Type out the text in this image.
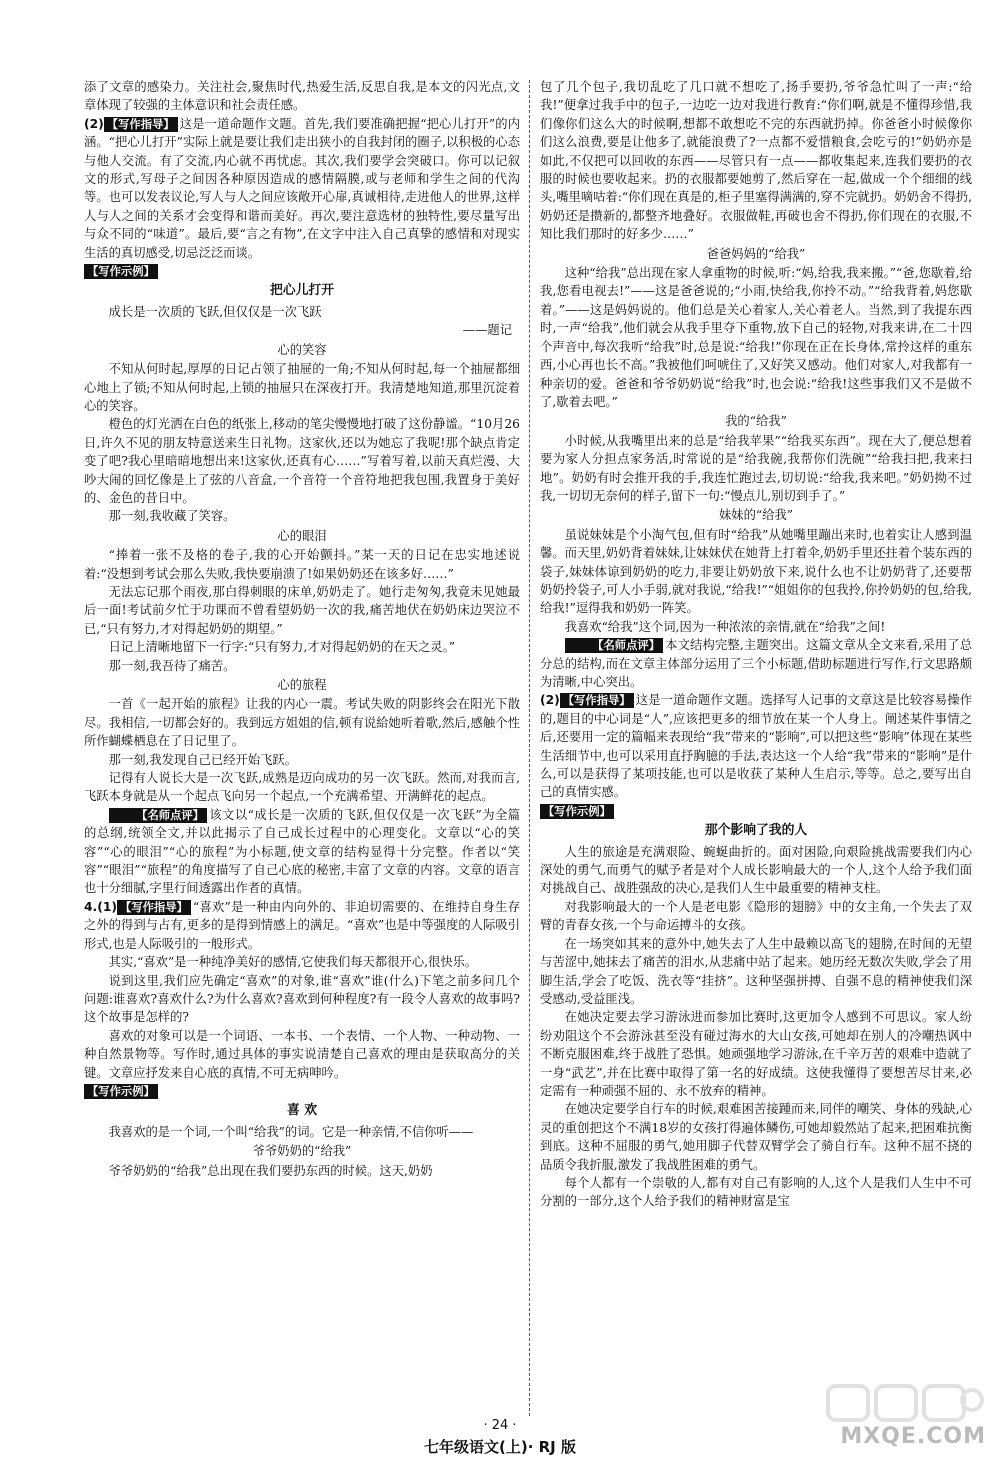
添了文章的感染力。关注社会,聚焦时代,热爱生活,反思自我,是本文的闪光点,文章体现了较强的主体意识和社会责任感。

(2) 【写作指导】 这是一道命题作文题。首先,我们要准确把握“把心儿打开”的内涵。“把心儿打开”实际上就是要让我们走出狭小的自我封闭的圈子,以积极的心态与他人交流。有了交流,内心就不再忧虑。其次,我们要学会突破口。你可以记叙文的形式,写母子之间因各种原因造成的感情隔膜,或与老师和学生之间的代沟等。也可以发表议论,写人与人之间应该敞开心扉,真诚相待,走进他人的世界,这样人与人之间的关系才会变得和谐而美好。再次,要注意选材的独特性,要尽量写出与众不同的“味道”。最后,要“言之有物”,在文字中注入自己真挚的感情和对现实生活的真切感受,切忌泛泛而谈。

【写作示例】

把心儿打开

成长是一次质的飞跃,但仅仅是一次飞跃

——题记

心的笑容

不知从何时起,厚厚的日记占领了抽屉的一角;不知从何时起,每一个抽屉都细心地上了锁;不知从何时起,上锁的抽屉只在深夜打开。我清楚地知道,那里沉淀着心的笑容。

橙色的灯光洒在白色的纸张上,移动的笔尖慢慢地打破了这份静谧。“10月26日,许久不见的朋友特意送来生日礼物。这家伙,还以为她忘了我呢!那个缺点肯定变了吧?我心里暗暗地想出来!这家伙,还真有心……”写着写着,以前天真烂漫、大吵大闹的回忆像是上了弦的八音盒,一个音符一个音符地把我包围,我置身于美好的、金色的昔日中。

那一刻,我收藏了笑容。

心的眼泪

“捧着一张不及格的卷子,我的心开始颤抖。”某一天的日记在忠实地述说着:“没想到考试会那么失败,我快要崩溃了!如果奶奶还在该多好……”

无法忘记那个雨夜,那白得刺眼的床单,奶奶走了。她行走匆匆,我竟未见她最后一面!考试前夕忙于功课而不曾看望奶奶一次的我,痛苦地伏在奶奶床边哭泣不已,“只有努力,才对得起奶奶的期望。”

日记上清晰地留下一行字:“只有努力,才对得起奶奶的在天之灵。”

那一刻,我吾待了痛苦。

心的旅程

一首《一起开始的旅程》让我的内心一震。考试失败的阴影终会在阳光下散尽。我相信,一切都会好的。我到远方姐姐的信,顿有说給她听着歌,然后,感触个性所作蝴蝶栖息在了日记里了。

那一刻,我发现自己已经开始飞跃。

记得有人说长大是一次飞跃,成熟是迈向成功的另一次飞跃。然而,对我而言,飞跃本身就是从一个起点飞向另一个起点,一个充满希望、开满鲜花的起点。

【名师点评】 该文以“成长是一次质的飞跃,但仅仅是一次飞跃”为全篇的总纲,统领全文,并以此揭示了自己成长过程中的心理变化。文章以“心的笑容”“心的眼泪”“心的旅程”为小标题,使文章的结构显得十分完整。作者以“笑容”“眼泪”“旅程”的角度描写了自己心底的秘密,丰富了文章的内容。文章的语言也十分细腻,字里行间透露出作者的真情。

4.(1) 【写作指导】 “喜欢”是一种由内向外的、非迫切需要的、在维持自身生存之外的得到与占有,更多的是得到情感上的满足。“喜欢”也是中等强度的人际吸引形式,也是人际吸引的一般形式。

其实,“喜欢”是一种纯净美好的感情,它使我们每天都很开心,很快乐。

说到这里,我们应先确定“喜欢”的对象,谁“喜欢”谁(什么)下笔之前多问几个问题:谁喜欢?喜欢什么?为什么喜欢?喜欢到何种程度?有一段令人喜欢的故事吗?这个故事是怎样的?

喜欢的对象可以是一个词语、一本书、一个表情、一个人物、一种动物、一种自然景物等。写作时,通过具体的事实说清楚自己喜欢的理由是获取高分的关键。文章应抒发来自心底的真情,不可无病呻吟。

【写作示例】

喜 欢

我喜欢的是一个词,一个叫“给我”的词。它是一种亲情,不信你听——

爷爷奶奶的“给我”

爷爷奶奶的“给我”总出现在我们要扔东西的时候。这天,奶奶

包了几个包子,我切乱吃了几口就不想吃了,扬手要扔,爷爷急忙叫了一声:“给我!”便拿过我手中的包子,一边吃一边对我进行教育:“你们啊,就是不懂得珍惜,我们像你们这么大的时候啊,想都不敢想吃不完的东西就扔掉。你爸爸小时候像你们这么浪费,要是让他多了,就能浪费了?一点都不爱惜粮食,会吃亏的!”奶奶亦是如此,不仅把可以回收的东西——尽管只有一点——都收集起来,连我们要扔的衣服的时候也要收起来。扔的衣服都要她剪了,然后穿在一起,做成一个个细细的线头,嘴里嘀咕着:“你们现在真是的,柜子里塞得满满的,穿不完就扔。奶奶舍不得扔,奶奶还是攒新的,都整齐地叠好。衣服做鞋,再破也舍不得扔,你们现在的衣服,不知比我们那时的好多少……”

爸爸妈妈的“给我”

这种“给我”总出现在家人拿重物的时候,听:“妈,给我,我来搬。”“爸,您歇着,给我,您看电视去!”——这是爸爸说的;“小雨,快给我,你拎不动。”“给我背着,妈您歇着。”——这是妈妈说的。他们总是关心着家人,关心着老人。当然,到了我提东西时,一声“给我”,他们就会从我手里夺下重物,放下自己的轻物,对我来讲,在二十四个声音中,每次我听“给我”时,总是说:“给我!”你现在正在长身体,常拎这样的重东西,小心再也长不高。”我被他们呵唬住了,又好笑又感动。他们对家人,对我都有一种亲切的爱。爸爸和爷爷奶奶说“给我”时,也会说:“给我!这些事我们又不是做不了,歇着去吧。”

我的“给我”

小时候,从我嘴里出来的总是“给我苹果”“给我买东西”。现在大了,便总想着要为家人分担点家务活,时常说的是“给我碗,我帮你们洗碗”“给我扫把,我来扫地”。奶奶有时会推开我的手,我连忙跑过去,切切说:“给我,我来吧。”奶奶拗不过我,一切切无奈何的样子,留下一句:“慢点儿,别切到手了。”

妹妹的“给我”

虽说妹妹是个小淘气包,但有时“给我”从她嘴里蹦出来时,也着实让人感到温馨。而天里,奶奶背着妹妹,让妹妹伏在她背上打着伞,奶奶手里还拄着个装东西的袋子,妹妹体谅到奶奶的吃力,非要让奶奶放下来,说什么也不让奶奶背了,还要帮奶奶拎袋子,可人小手弱,就对我说,“给我!”“姐姐你的包我拎,你拎奶奶的包,给我,给我!”逗得我和奶奶一阵笑。

我喜欢“给我”这个词,因为一种浓浓的亲情,就在“给我”之间!

【名师点评】 本文结构完整,主题突出。这篇文章从全文来看,采用了总分总的结构,而在文章主体部分运用了三个小标题,借助标题进行写作,行文思路颇为清晰,中心突出。

(2) 【写作指导】 这是一道命题作文题。选择写人记事的文章这是比较容易操作的,题目的中心词是“人”,应该把更多的细节放在某一个人身上。阐述某件事情之后,还要用一定的篇幅来表现给“我”带来的“影响”,可以把这些“影响”体现在某些生活细节中,也可以采用直抒胸臆的手法,表达这一个人给“我”带来的“影响”是什么,可以是获得了某项技能,也可以是收获了某种人生启示,等等。总之,要写出自己的真情实感。

【写作示例】

那个影响了我的人

人生的旅途是充满艰险、蜿蜒曲折的。面对困险,向艰险挑战需要我们内心深处的勇气,而勇气的赋予者是对个人成长影响最大的一个人,这个人给予我们面对挑战自己、战胜强敌的决心,是我们人生中最重要的精神支柱。

对我影响最大的一个人是老电影《隐形的翅膀》中的女主角,一个失去了双臂的青春女孩,一个与命运搏斗的女孩。

在一场突如其来的意外中,她失去了人生中最赖以高飞的翅膀,在时间的无望与苦涩中,她抹去了痛苦的泪水,从悲痛中站了起来。她历经无数次失败,学会了用脚生活,学会了吃饭、洗衣等“挂挤”。这种坚强拼搏、自强不息的精神使我们深受感动,受益匪浅。

在她决定要去学习游泳进而参加比赛时,这更加令人感到不可思议。家人纷纷劝阻这个不会游泳甚至没有碰过海水的大山女孩,可她却在别人的冷嘲热讽中不断克服困难,终于战胜了恐惧。她顽强地学习游泳,在千辛万苦的艰难中造就了一身“武艺”,并在比赛中取得了第一名的好成绩。这使我懂得了要想苦尽甘来,必定需有一种顽强不屈的、永不放弃的精神。

在她决定要学自行车的时候,艰难困苦接踵而来,同伴的嘲笑、身体的残缺,心灵的重创把这个不满18岁的女孩打得遍体鳞伤,可她却毅然站了起来,把困难抗衡到底。这种不屈服的勇气,她用脚子代替双臂学会了骑自行车。这种不屈不挠的品质令我折服,激发了我战胜困难的勇气。

每个人都有一个崇敬的人,都有对自己有影响的人,这个人是我们人生中不可分割的一部分,这个人给予我们的精神财富是宝

· 24 ·
七年级语文(上)· RJ 版	MXQE.COM
